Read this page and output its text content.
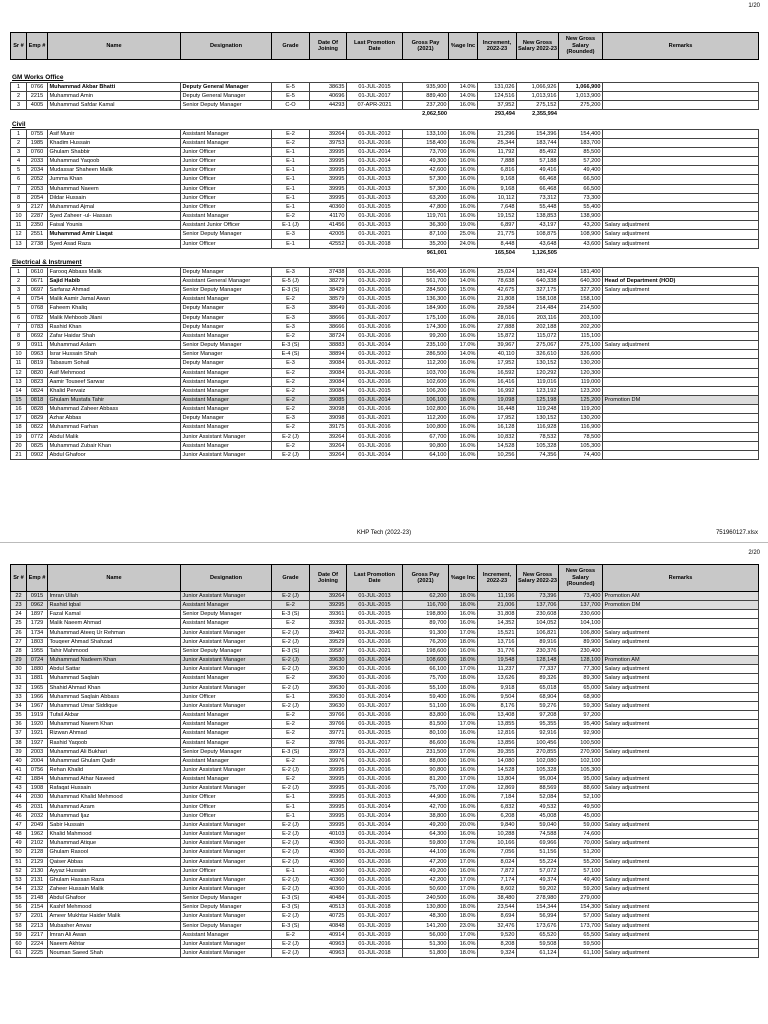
1/20
Sr #	Emp #	Name	Designation	Grade	Date Of Joining	Last Promotion Date	Gross Pay (2021)	%age Inc	Increment, 2022-23	New Gross Salary 2022-23	New Gross Salary (Rounded)	Remarks

GM Works Office												
1	0766	Muhammad Akbar Bhatti	Deputy General Manager	E-5	38635	01-JUL-2015	935,900	14.0%	131,026	1,066,926	1,066,900	
2	2215	Muhammad Amin	Deputy General Manager	E-5	40696	01-JUL-2017	889,400	14.0%	124,516	1,013,916	1,013,900	
3	4005	Muhammad Safdar Kamal	Senior Deputy Manager	C-O	44293	07-APR-2021	237,200	16.0%	37,952	275,152	275,200	
							2,062,500		293,494	2,355,994		
Civil												
1	0755	Asif Munir	Assistant Manager	E-2	39264	01-JUL-2012	133,100	16.0%	21,296	154,396	154,400	
2	1985	Khadim Hussain	Assistant Manager	E-2	39753	01-JUL-2016	158,400	16.0%	25,344	183,744	183,700	
3	0760	Ghulam Shabbir	Junior Officer	E-1	39995	01-JUL-2014	73,700	16.0%	11,792	85,492	85,500	
4	2033	Muhammad Yaqoob	Junior Officer	E-1	39995	01-JUL-2014	49,300	16.0%	7,888	57,188	57,200	
5	2034	Mudassar Shaheen Malik	Junior Officer	E-1	39995	01-JUL-2013	42,600	16.0%	6,816	49,416	49,400	
6	2052	Jumma Khan	Junior Officer	E-1	39995	01-JUL-2013	57,300	16.0%	9,168	66,468	66,500	
7	2053	Muhammad Naeem	Junior Officer	E-1	39995	01-JUL-2013	57,300	16.0%	9,168	66,468	66,500	
8	2054	Dildar Hussain	Junior Officer	E-1	39995	01-JUL-2013	63,200	16.0%	10,112	73,312	73,300	
9	2127	Muhammad Ajmal	Junior Officer	E-1	40360	01-JUL-2015	47,800	16.0%	7,648	55,448	55,400	
10	2287	Syed Zaheer -ul- Hassan	Assistant Manager	E-2	41170	01-JUL-2016	119,701	16.0%	19,152	138,853	138,900	
11	2350	Faisal Younis	Assistant Junior Officer	E-1 (J)	41456	01-JUL-2013	36,300	19.0%	6,897	43,197	43,200	Salary adjustment
12	2551	Muhammad Amir Liaqat	Senior Deputy Manager	E-3	42005	01-JUL-2021	87,100	25.0%	21,775	108,875	108,900	Salary adjustment
13	2738	Syed Asad Raza	Junior Officer	E-1	42552	01-JUL-2018	35,200	24.0%	8,448	43,648	43,600	Salary adjustment
							961,001		165,504	1,126,505		
Electrical & Instrument												
1	0610	Farooq Abbass Malik	Deputy Manager	E-3	37438	01-JUL-2016	156,400	16.0%	25,024	181,424	181,400	
2	0671	Sajid Habib	Assistant General Manager	E-5 (J)	38279	01-JUL-2019	561,700	14.0%	78,638	640,338	640,300	Head of Department (HOD)
3	0697	Sarfaraz Ahmad	Senior Deputy Manager	E-3 (S)	38429	01-JUL-2016	284,500	15.0%	42,675	327,175	327,200	Salary adjustment
4	0754	Malik Aamir Jamal Awan	Assistant Manager	E-2	38579	01-JUL-2015	136,300	16.0%	21,808	158,108	158,100	
5	0768	Faheem Khaliq	Deputy Manager	E-3	38649	01-JUL-2016	184,900	16.0%	29,584	214,484	214,500	
6	0782	Malik Mehboob Jilani	Deputy Manager	E-3	38666	01-JUL-2017	175,100	16.0%	28,016	203,116	203,100	
7	0783	Rashid Khan	Deputy Manager	E-3	38666	01-JUL-2016	174,300	16.0%	27,888	202,188	202,200	
8	0692	Zafar Haidar Shah	Assistant Manager	E-2	38724	01-JUL-2016	99,200	16.0%	15,872	115,072	115,100	
9	0911	Muhammad Aslam	Senior Deputy Manager	E-3 (S)	38883	01-JUL-2014	235,100	17.0%	39,967	275,067	275,100	Salary adjustment
10	0963	Israr Hussain Shah	Senior Manager	E-4 (S)	38894	01-JUL-2012	286,500	14.0%	40,110	326,610	326,600	
11	0819	Tabasum Sohail	Deputy Manager	E-3	39084	01-JUL-2012	112,200	16.0%	17,952	130,152	130,200	
12	0820	Asif Mehmood	Assistant Manager	E-2	39084	01-JUL-2016	103,700	16.0%	16,592	120,292	120,300	
13	0823	Aamir Touseef Sarwar	Assistant Manager	E-2	39084	01-JUL-2016	102,600	16.0%	16,416	119,016	119,000	
14	0824	Khalid Pervaiz	Assistant Manager	E-2	39084	01-JUL-2015	106,200	16.0%	16,992	123,192	123,200	
15	0818	Ghulam Mustafa Tahir	Assistant Manager	E-2	39085	01-JUL-2014	106,100	18.0%	19,098	125,198	125,200	Promotion DM
16	0828	Muhammad Zaheer Abbass	Assistant Manager	E-2	39098	01-JUL-2016	102,800	16.0%	16,448	119,248	119,200	
17	0829	Azhar Abbas	Deputy Manager	E-3	39098	01-JUL-2021	112,200	16.0%	17,952	130,152	130,200	
18	0822	Muhammad Farhan	Assistant Manager	E-2	39175	01-JUL-2016	100,800	16.0%	16,128	116,928	116,900	
19	0772	Abdul Malik	Junior Assistant Manager	E-2 (J)	39264	01-JUL-2016	67,700	16.0%	10,832	78,532	78,500	
20	0825	Muhammad Zubair Khan	Assistant Manager	E-2	39264	01-JUL-2016	90,800	16.0%	14,528	105,328	105,300	
21	0902	Abdul Ghafoor	Junior Assistant Manager	E-2 (J)	39264	01-JUL-2014	64,100	16.0%	10,256	74,356	74,400	
KHP Tech (2022-23)	751960127.xlsx
2/20
Sr #	Emp #	Name	Designation	Grade	Date Of Joining	Last Promotion Date	Gross Pay (2021)	%age Inc	Increment, 2022-23	New Gross Salary 2022-23	New Gross Salary (Rounded)	Remarks
22	0915	Imran Ullah	Junior Assistant Manager	E-2 (J)	39264	01-JUL-2013	62,200	18.0%	11,196	73,396	73,400	Promotion AM
23	0962	Rashid Iqbal	Assistant Manager	E-2	39295	01-JUL-2015	116,700	18.0%	21,006	137,706	137,700	Promotion DM
24	1897	Fazal Kamal	Senior Deputy Manager	E-3 (S)	39361	01-JUL-2015	198,800	16.0%	31,808	230,608	230,600	
25	1729	Malik Naeem Ahmad	Assistant Manager	E-2	39392	01-JUL-2015	89,700	16.0%	14,352	104,052	104,100	
26	1734	Muhammad Ateeq Ur Rehman	Junior Assistant Manager	E-2 (J)	39402	01-JUL-2016	91,300	17.0%	15,521	106,821	106,800	Salary adjustment
27	1803	Touqeer Ahmad Shahzad	Junior Assistant Manager	E-2 (J)	39529	01-JUL-2016	76,200	18.0%	13,716	89,916	89,900	Salary adjustment
28	1955	Tahir Mahmood	Senior Deputy Manager	E-3 (S)	39587	01-JUL-2021	198,600	16.0%	31,776	230,376	230,400	
29	0724	Muhammad Nadeem Khan	Junior Assistant Manager	E-2 (J)	39630	01-JUL-2014	108,600	18.0%	19,548	128,148	128,100	Promotion AM
30	1880	Abdul Sattar	Junior Assistant Manager	E-2 (J)	39630	01-JUL-2016	66,100	17.0%	11,237	77,337	77,300	Salary adjustment
31	1881	Muhammad Saqlain	Assistant Manager	E-2	39630	01-JUL-2016	75,700	18.0%	13,626	89,326	89,300	Salary adjustment
32	1965	Shahid Ahmad Khan	Junior Assistant Manager	E-2 (J)	39630	01-JUL-2016	55,100	18.0%	9,918	65,018	65,000	Salary adjustment
33	1966	Muhammad Saqlain Abbass	Junior Officer	E-1	39630	01-JUL-2014	59,400	16.0%	9,504	68,904	68,900	
34	1967	Muhammad Umar Siddique	Junior Assistant Manager	E-2 (J)	39630	01-JUL-2017	51,100	16.0%	8,176	59,276	59,300	Salary adjustment
35	1919	Tufail Akbar	Assistant Manager	E-2	39766	01-JUL-2016	83,800	16.0%	13,408	97,208	97,200	
36	1920	Muhammad Naeem Khan	Assistant Manager	E-2	39766	01-JUL-2015	81,500	17.0%	13,855	95,355	95,400	Salary adjustment
37	1921	Rizwan Ahmad	Assistant Manager	E-2	39771	01-JUL-2015	80,100	16.0%	12,816	92,916	92,900	
38	1927	Rashid Yaqoob	Assistant Manager	E-2	39786	01-JUL-2017	86,600	16.0%	13,856	100,456	100,500	
39	2003	Muhammad Ali Bukhari	Senior Deputy Manager	E-3 (S)	39973	01-JUL-2017	231,500	17.0%	39,355	270,855	270,900	Salary adjustment
40	2004	Muhammad Ghulam Qadir	Assistant Manager	E-2	39976	01-JUL-2016	88,000	16.0%	14,080	102,080	102,100	
41	0756	Rehan Khalid	Junior Assistant Manager	E-2 (J)	39995	01-JUL-2016	90,800	16.0%	14,528	105,328	105,300	
42	1884	Muhammad Athar Naveed	Assistant Manager	E-2	39995	01-JUL-2016	81,200	17.0%	13,804	95,004	95,000	Salary adjustment
43	1908	Rafaqat Hussain	Junior Assistant Manager	E-2 (J)	39995	01-JUL-2016	75,700	17.0%	12,869	88,569	88,600	Salary adjustment
44	2030	Muhammad Khalid Mehmood	Junior Officer	E-1	39995	01-JUL-2013	44,900	16.0%	7,184	52,084	52,100	
45	2031	Muhammad Azam	Junior Officer	E-1	39995	01-JUL-2014	42,700	16.0%	6,832	49,532	49,500	
46	2032	Muhammad Ijaz	Junior Officer	E-1	39995	01-JUL-2014	38,800	16.0%	6,208	45,008	45,000	
47	2049	Sabir Hussain	Junior Assistant Manager	E-2 (J)	39995	01-JUL-2014	49,200	20.0%	9,840	59,040	59,000	Salary adjustment
48	1962	Khalid Mahmood	Junior Assistant Manager	E-2 (J)	40103	01-JUL-2014	64,300	16.0%	10,288	74,588	74,600	
49	2102	Muhammad Atique	Junior Assistant Manager	E-2 (J)	40360	01-JUL-2016	59,800	17.0%	10,166	69,966	70,000	Salary adjustment
50	2128	Ghulam Rasool	Junior Assistant Manager	E-2 (J)	40360	01-JUL-2016	44,100	16.0%	7,056	51,156	51,200	
51	2129	Qaiser Abbas	Junior Assistant Manager	E-2 (J)	40360	01-JUL-2016	47,200	17.0%	8,024	55,224	55,200	Salary adjustment
52	2130	Ayyaz Hussain	Junior Officer	E-1	40360	01-JUL-2020	49,200	16.0%	7,872	57,072	57,100	
53	2131	Ghulam Hassan Raza	Junior Assistant Manager	E-2 (J)	40360	01-JUL-2016	42,200	17.0%	7,174	49,374	49,400	Salary adjustment
54	2132	Zaheer Hussain Malik	Junior Assistant Manager	E-2 (J)	40360	01-JUL-2016	50,600	17.0%	8,602	59,202	59,200	Salary adjustment
55	2148	Abdul Ghafoor	Senior Deputy Manager	E-3 (S)	40484	01-JUL-2015	240,500	16.0%	38,480	278,980	279,000	
56	2154	Kashif Mehmood	Senior Deputy Manager	E-3 (S)	40513	01-JUL-2018	130,800	18.0%	23,544	154,344	154,300	Salary adjustment
57	2201	Ameer Mukhtar Haider Malik	Junior Assistant Manager	E-2 (J)	40725	01-JUL-2017	48,300	18.0%	8,694	56,994	57,000	Salary adjustment
58	2213	Mubasher Anwar	Senior Deputy Manager	E-3 (S)	40848	01-JUL-2019	141,200	23.0%	32,476	173,676	173,700	Salary adjustment
59	2217	Imran Ali Awan	Assistant Manager	E-2	40914	01-JUL-2019	56,000	17.0%	9,520	65,520	65,500	Salary adjustment
60	2224	Naeem Akhtar	Junior Assistant Manager	E-2 (J)	40963	01-JUL-2016	51,300	16.0%	8,208	59,508	59,500	
61	2225	Nouman Saeed Shah	Junior Assistant Manager	E-2 (J)	40963	01-JUL-2018	51,800	18.0%	9,324	61,124	61,100	Salary adjustment
